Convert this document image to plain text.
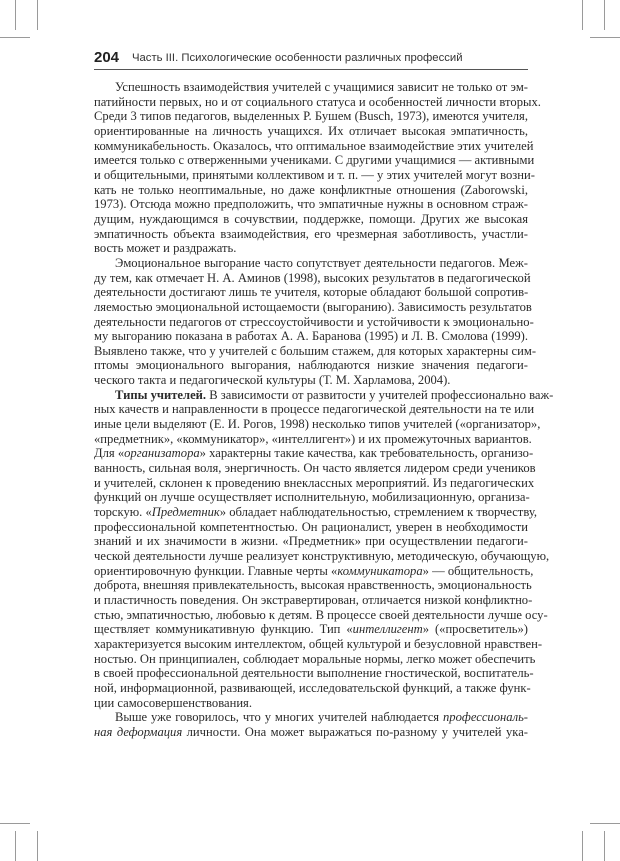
204 Часть III. Психологические особенности различных профессий
Успешность взаимодействия учителей с учащимися зависит не только от эм-
патийности первых, но и от социального статуса и особенностей личности вторых.
Среди 3 типов педагогов, выделенных Р. Бушем (Busch, 1973), имеются учителя,
ориентированные на личность учащихся. Их отличает высокая эмпатичность,
коммуникабельность. Оказалось, что оптимальное взаимодействие этих учителей
имеется только с отверженными учениками. С другими учащимися — активными
и общительными, принятыми коллективом и т. п. — у этих учителей могут возни-
кать не только неоптимальные, но даже конфликтные отношения (Zaborowski,
1973). Отсюда можно предположить, что эмпатичные нужны в основном страж-
дущим, нуждающимся в сочувствии, поддержке, помощи. Других же высокая
эмпатичность объекта взаимодействия, его чрезмерная заботливость, участли-
вость может и раздражать.
Эмоциональное выгорание часто сопутствует деятельности педагогов. Меж-
ду тем, как отмечает Н. А. Аминов (1998), высоких результатов в педагогической
деятельности достигают лишь те учителя, которые обладают большой сопротив-
ляемостью эмоциональной истощаемости (выгоранию). Зависимость результатов
деятельности педагогов от стрессоустойчивости и устойчивости к эмоционально-
му выгоранию показана в работах А. А. Баранова (1995) и Л. В. Смолова (1999).
Выявлено также, что у учителей с большим стажем, для которых характерны сим-
птомы эмоционального выгорания, наблюдаются низкие значения педагоги-
ческого такта и педагогической культуры (Т. М. Харламова, 2004).
Типы учителей. В зависимости от развитости у учителей профессионально важ-
ных качеств и направленности в процессе педагогической деятельности на те или
иные цели выделяют (Е. И. Рогов, 1998) несколько типов учителей («организатор»,
«предметник», «коммуникатор», «интеллигент») и их промежуточных вариантов.
Для «организатора» характерны такие качества, как требовательность, организо-
ванность, сильная воля, энергичность. Он часто является лидером среди учеников
и учителей, склонен к проведению внеклассных мероприятий. Из педагогических
функций он лучше осуществляет исполнительную, мобилизационную, организа-
торскую. «Предметник» обладает наблюдательностью, стремлением к творчеству,
профессиональной компетентностью. Он рационалист, уверен в необходимости
знаний и их значимости в жизни. «Предметник» при осуществлении педагоги-
ческой деятельности лучше реализует конструктивную, методическую, обучающую,
ориентировочную функции. Главные черты «коммуникатора» — общительность,
доброта, внешняя привлекательность, высокая нравственность, эмоциональность
и пластичность поведения. Он экстравертирован, отличается низкой конфликтно-
стью, эмпатичностью, любовью к детям. В процессе своей деятельности лучше осу-
ществляет коммуникативную функцию. Тип «интеллигент» («просветитель»)
характеризуется высоким интеллектом, общей культурой и безусловной нравствен-
ностью. Он принципиален, соблюдает моральные нормы, легко может обеспечить
в своей профессиональной деятельности выполнение гностической, воспитатель-
ной, информационной, развивающей, исследовательской функций, а также функ-
ции самосовершенствования.
Выше уже говорилось, что у многих учителей наблюдается профессиональ-
ная деформация личности. Она может выражаться по-разному у учителей ука-
